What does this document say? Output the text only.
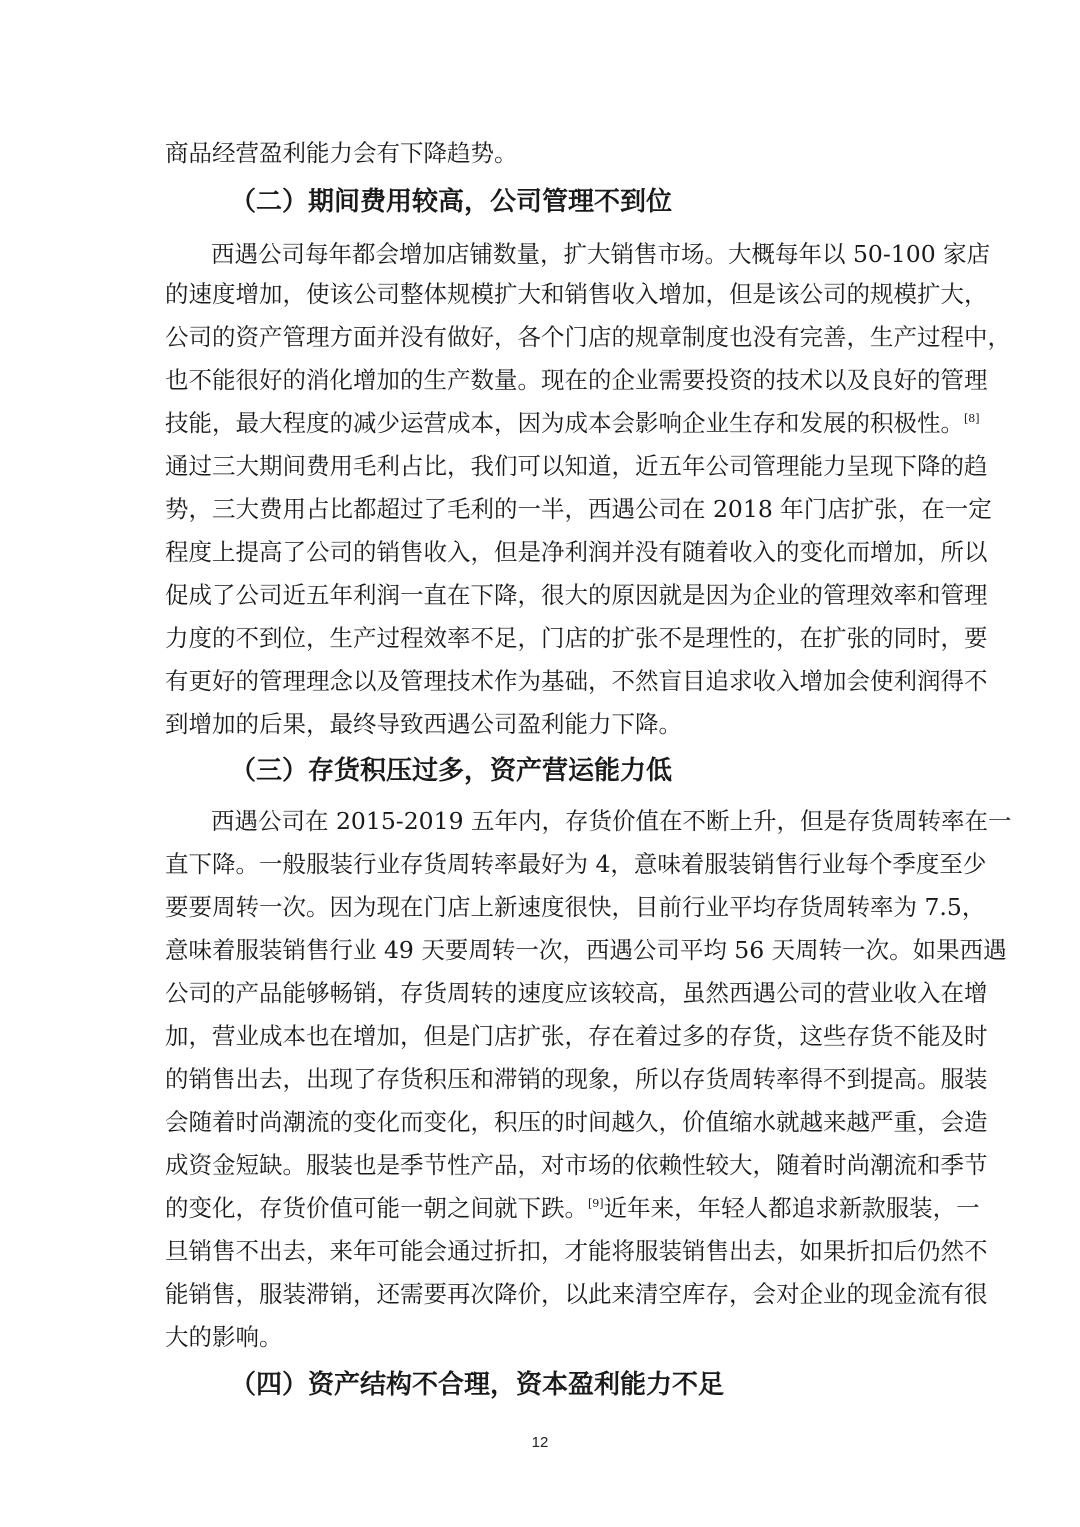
商品经营盈利能力会有下降趋势。
（二）期间费用较高，公司管理不到位
西遇公司每年都会增加店铺数量，扩大销售市场。大概每年以 50-100 家店
的速度增加，使该公司整体规模扩大和销售收入增加，但是该公司的规模扩大，
公司的资产管理方面并没有做好，各个门店的规章制度也没有完善，生产过程中，
也不能很好的消化增加的生产数量。现在的企业需要投资的技术以及良好的管理
技能，最大程度的减少运营成本，因为成本会影响企业生存和发展的积极性。[8]
通过三大期间费用毛利占比，我们可以知道，近五年公司管理能力呈现下降的趋
势，三大费用占比都超过了毛利的一半，西遇公司在 2018 年门店扩张，在一定
程度上提高了公司的销售收入，但是净利润并没有随着收入的变化而增加，所以
促成了公司近五年利润一直在下降，很大的原因就是因为企业的管理效率和管理
力度的不到位，生产过程效率不足，门店的扩张不是理性的，在扩张的同时，要
有更好的管理理念以及管理技术作为基础，不然盲目追求收入增加会使利润得不
到增加的后果，最终导致西遇公司盈利能力下降。
（三）存货积压过多，资产营运能力低
西遇公司在 2015-2019 五年内，存货价值在不断上升，但是存货周转率在一
直下降。一般服装行业存货周转率最好为 4，意味着服装销售行业每个季度至少
要要周转一次。因为现在门店上新速度很快，目前行业平均存货周转率为 7.5，
意味着服装销售行业 49 天要周转一次，西遇公司平均 56 天周转一次。如果西遇
公司的产品能够畅销，存货周转的速度应该较高，虽然西遇公司的营业收入在增
加，营业成本也在增加，但是门店扩张，存在着过多的存货，这些存货不能及时
的销售出去，出现了存货积压和滞销的现象，所以存货周转率得不到提高。服装
会随着时尚潮流的变化而变化，积压的时间越久，价值缩水就越来越严重，会造
成资金短缺。服装也是季节性产品，对市场的依赖性较大，随着时尚潮流和季节
的变化，存货价值可能一朝之间就下跌。[9]近年来，年轻人都追求新款服装，一
旦销售不出去，来年可能会通过折扣，才能将服装销售出去，如果折扣后仍然不
能销售，服装滞销，还需要再次降价，以此来清空库存，会对企业的现金流有很
大的影响。
（四）资产结构不合理，资本盈利能力不足
12
